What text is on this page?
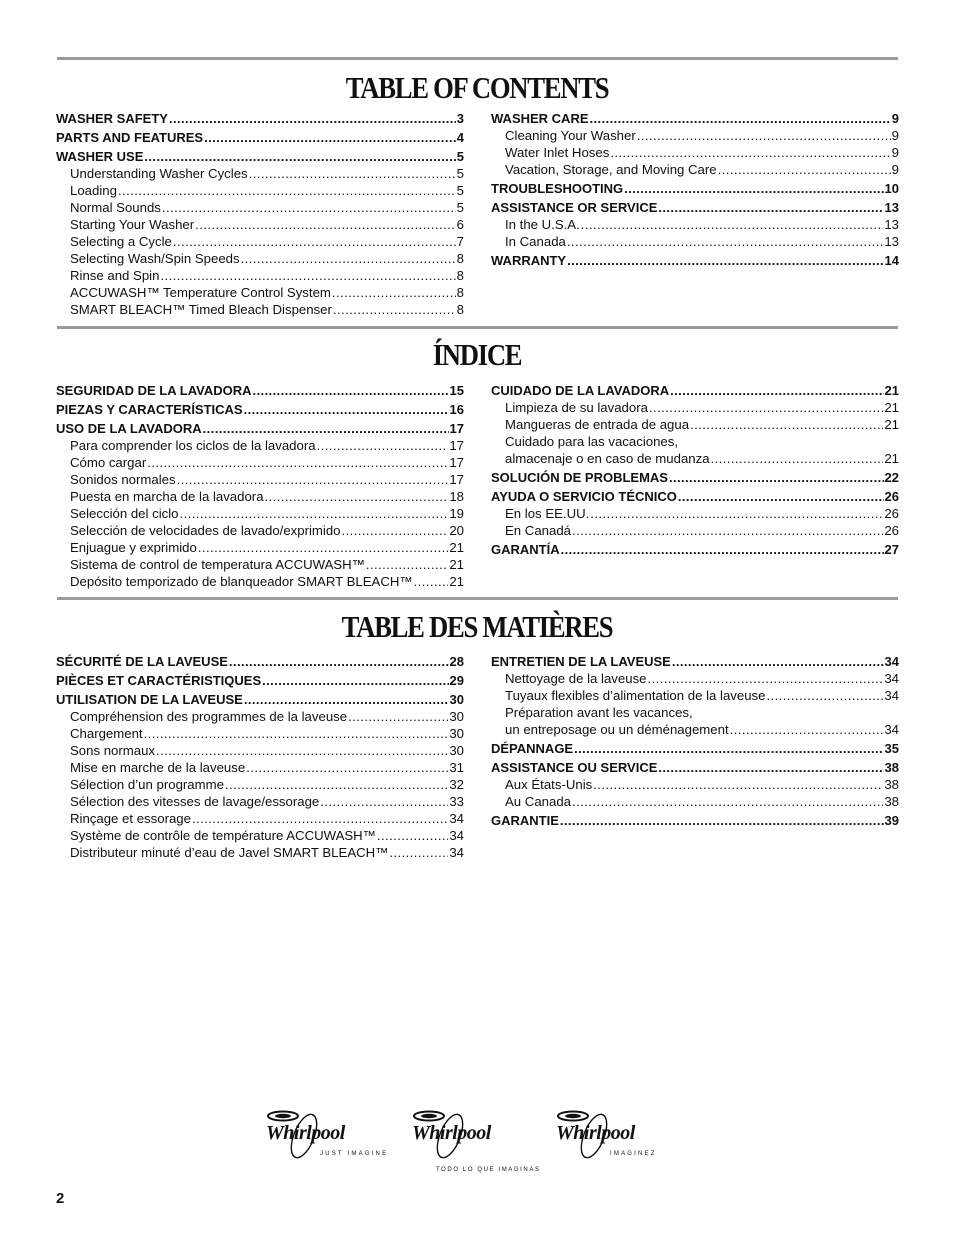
TABLE OF CONTENTS
WASHER SAFETY .....	3
PARTS AND FEATURES .....	4
WASHER USE .....	5
Understanding Washer Cycles .....	5
Loading .....	5
Normal Sounds .....	5
Starting Your Washer .....	6
Selecting a Cycle .....	7
Selecting Wash/Spin Speeds .....	8
Rinse and Spin .....	8
ACCUWASH™ Temperature Control System .....	8
SMART BLEACH™ Timed Bleach Dispenser .....	8
WASHER CARE .....	9
Cleaning Your Washer .....	9
Water Inlet Hoses .....	9
Vacation, Storage, and Moving Care .....	9
TROUBLESHOOTING .....	10
ASSISTANCE OR SERVICE .....	13
In the U.S.A. .....	13
In Canada .....	13
WARRANTY .....	14
ÍNDICE
SEGURIDAD DE LA LAVADORA .....	15
PIEZAS Y CARACTERÍSTICAS .....	16
USO DE LA LAVADORA .....	17
Para comprender los ciclos de la lavadora .....	17
Cómo cargar .....	17
Sonidos normales .....	17
Puesta en marcha de la lavadora .....	18
Selección del ciclo .....	19
Selección de velocidades de lavado/exprimido .....	20
Enjuague y exprimido .....	21
Sistema de control de temperatura ACCUWASH™ .....	21
Depósito temporizado de blanqueador SMART BLEACH™ .....	21
CUIDADO DE LA LAVADORA .....	21
Limpieza de su lavadora .....	21
Mangueras de entrada de agua .....	21
Cuidado para las vacaciones,
almacenaje o en caso de mudanza .....	21
SOLUCIÓN DE PROBLEMAS .....	22
AYUDA O SERVICIO TÉCNICO .....	26
En los EE.UU. .....	26
En Canadá .....	26
GARANTÍA .....	27
TABLE DES MATIÈRES
SÉCURITÉ DE LA LAVEUSE .....	28
PIÈCES ET CARACTÉRISTIQUES .....	29
UTILISATION DE LA LAVEUSE .....	30
Compréhension des programmes de la laveuse .....	30
Chargement .....	30
Sons normaux .....	30
Mise en marche de la laveuse .....	31
Sélection d’un programme .....	32
Sélection des vitesses de lavage/essorage .....	33
Rinçage et essorage .....	34
Système de contrôle de température ACCUWASH™ .....	34
Distributeur minuté d’eau de Javel SMART BLEACH™ .....	34
ENTRETIEN DE LA LAVEUSE .....	34
Nettoyage de la laveuse .....	34
Tuyaux flexibles d’alimentation de la laveuse .....	34
Préparation avant les vacances,
un entreposage ou un déménagement .....	34
DÉPANNAGE .....	35
ASSISTANCE OU SERVICE .....	38
Aux États-Unis .....	38
Au Canada .....	38
GARANTIE .....	39
Whirlpool
JUST IMAGINE
Whirlpool
TODO LO QUE IMAGINAS
Whirlpool
IMAGINEZ
2
